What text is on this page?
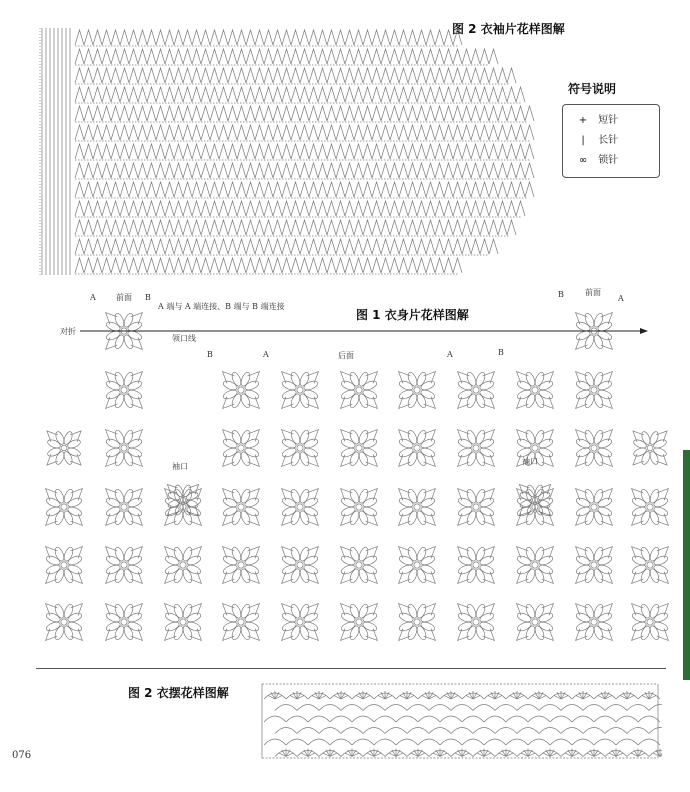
图 2 衣袖片花样图解
符号说明
+ 短针
| 长针
∞ 锁针
图 1 衣身片花样图解
前面
前面
后面
A 端与 A 端连接、B 端与 B 端连接
对折
领口线
袖口
袖口
A	B
B	A	A	B
B	A
图 2 衣摆花样图解
076
